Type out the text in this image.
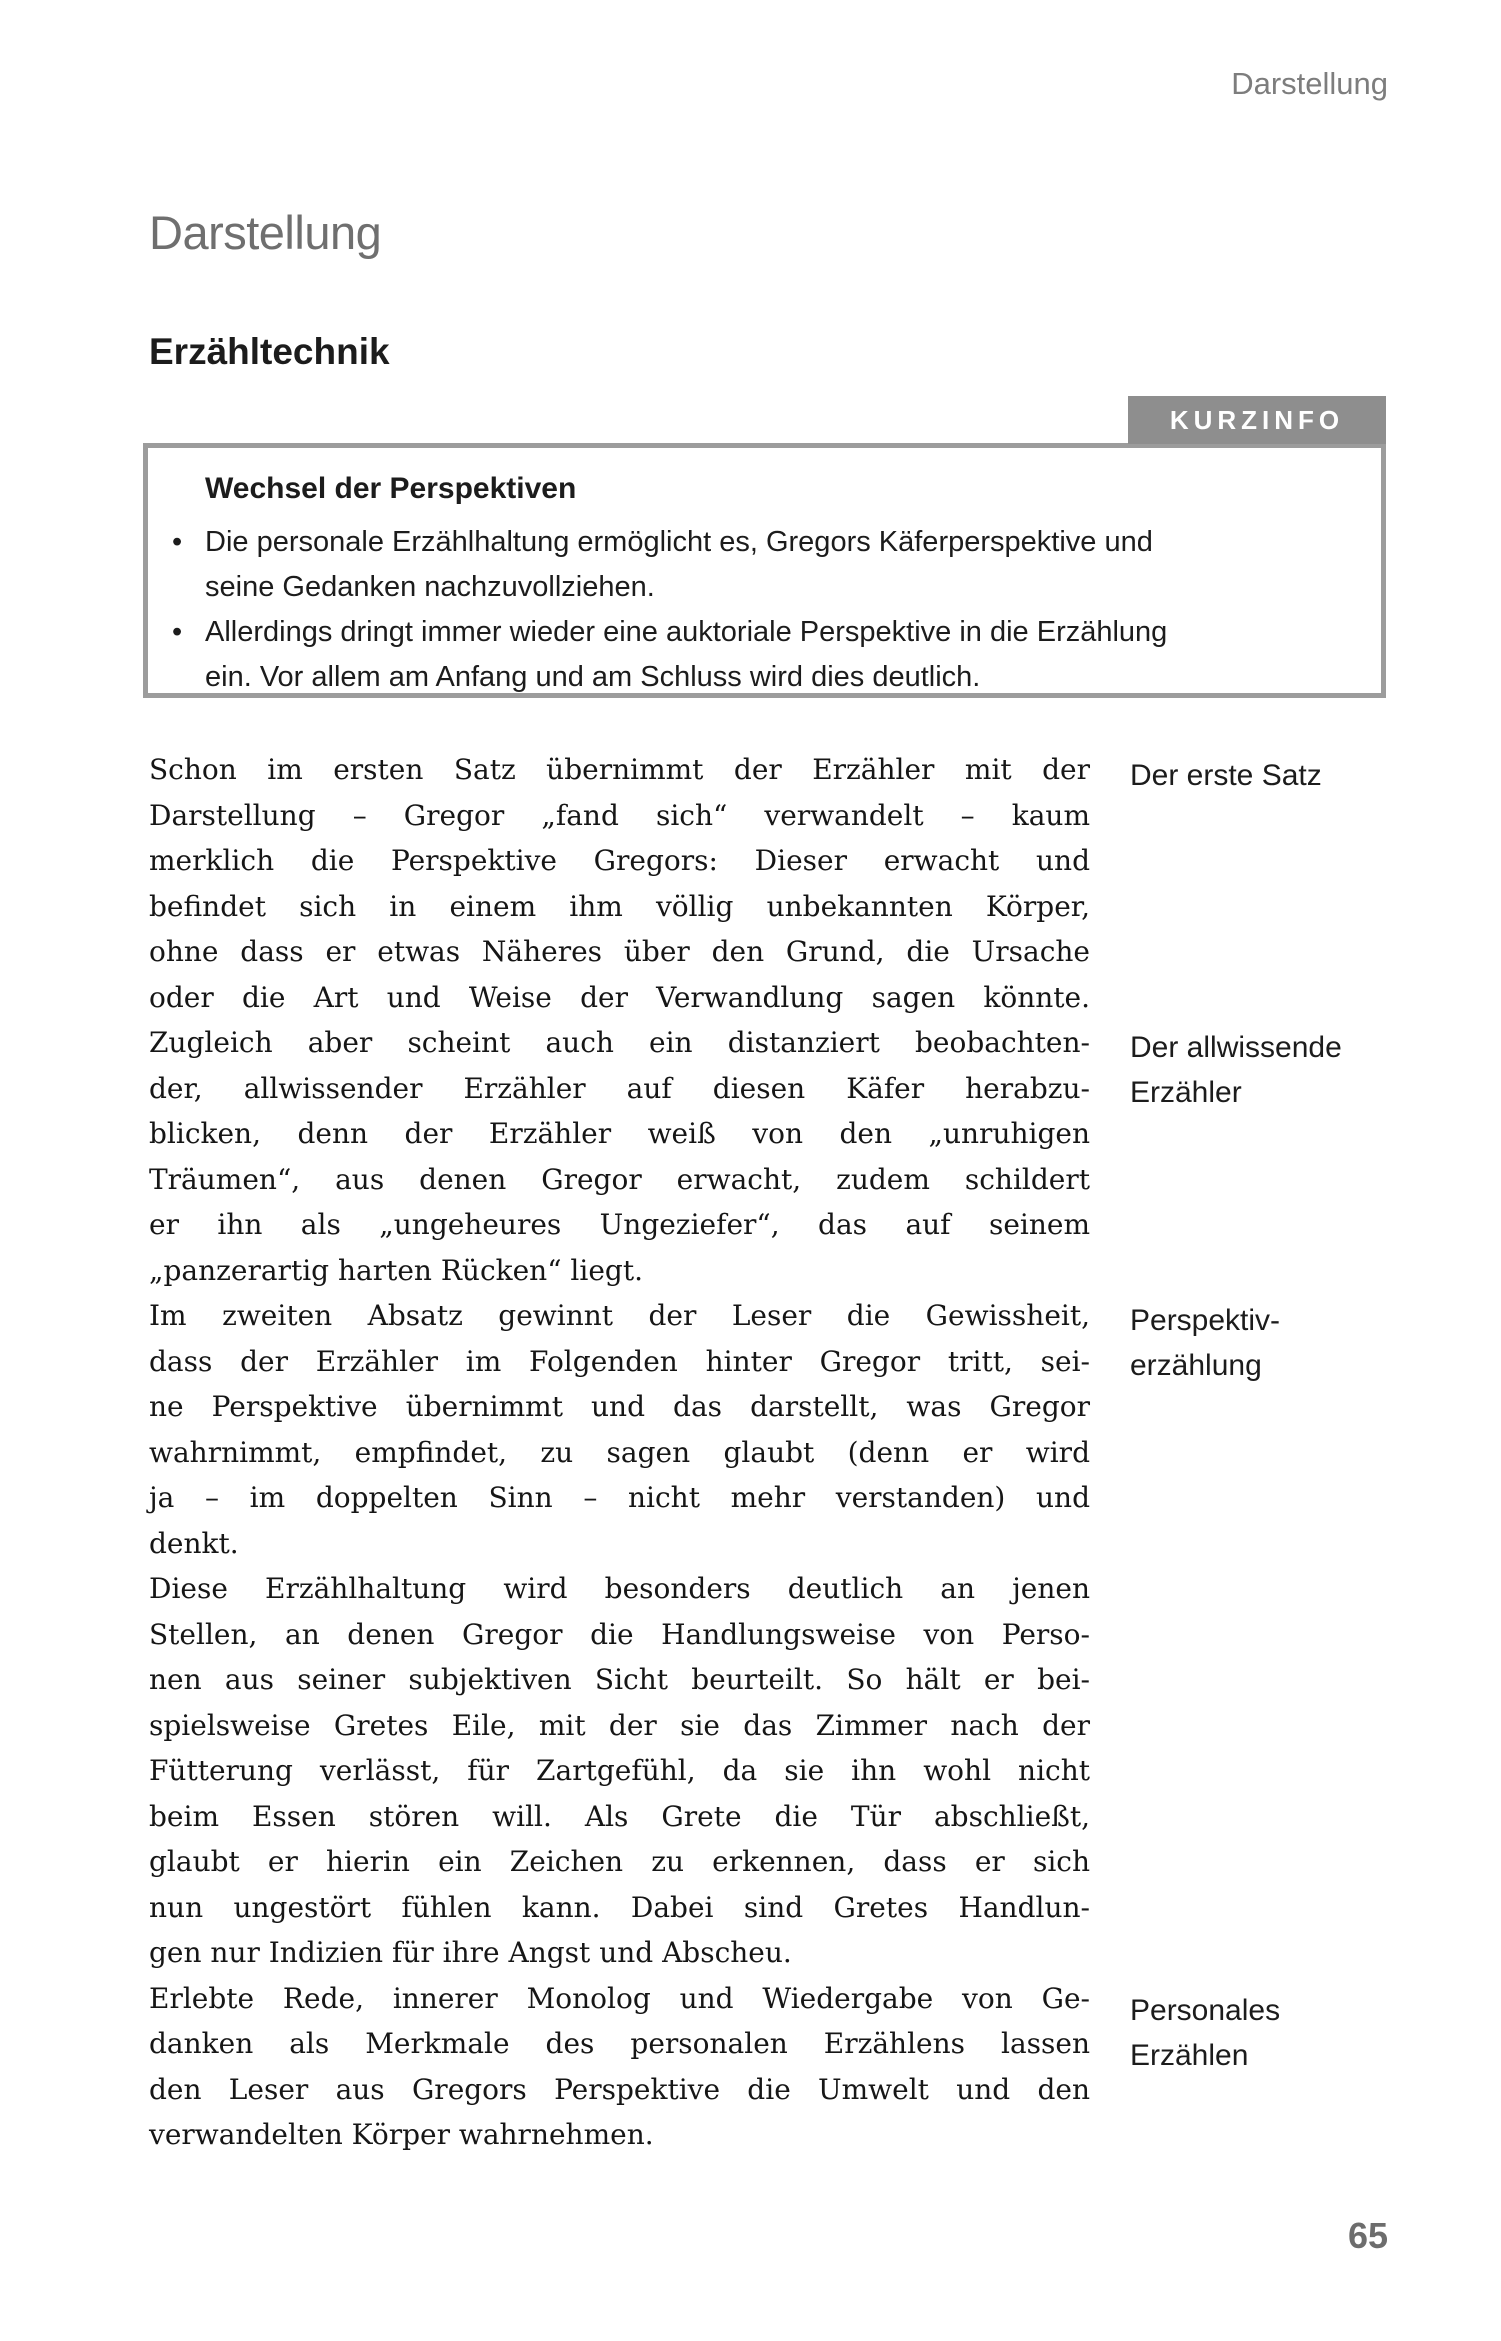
Darstellung
Darstellung
Erzähltechnik
KURZINFO
Wechsel der Perspektiven
• Die personale Erzählhaltung ermöglicht es, Gregors Käferperspektive und
seine Gedanken nachzuvollziehen.
• Allerdings dringt immer wieder eine auktoriale Perspektive in die Erzählung
ein. Vor allem am Anfang und am Schluss wird dies deutlich.

Schon im ersten Satz übernimmt der Erzähler mit der
Darstellung – Gregor „fand sich“ verwandelt – kaum
merklich die Perspektive Gregors: Dieser erwacht und
befindet sich in einem ihm völlig unbekannten Körper,
ohne dass er etwas Näheres über den Grund, die Ursache
oder die Art und Weise der Verwandlung sagen könnte.
Zugleich aber scheint auch ein distanziert beobachten-
der, allwissender Erzähler auf diesen Käfer herabzu-
blicken, denn der Erzähler weiß von den „unruhigen
Träumen“, aus denen Gregor erwacht, zudem schildert
er ihn als „ungeheures Ungeziefer“, das auf seinem
„panzerartig harten Rücken“ liegt.

Im zweiten Absatz gewinnt der Leser die Gewissheit,
dass der Erzähler im Folgenden hinter Gregor tritt, sei-
ne Perspektive übernimmt und das darstellt, was Gregor
wahrnimmt, empfindet, zu sagen glaubt (denn er wird
ja – im doppelten Sinn – nicht mehr verstanden) und
denkt.

Diese Erzählhaltung wird besonders deutlich an jenen
Stellen, an denen Gregor die Handlungsweise von Perso-
nen aus seiner subjektiven Sicht beurteilt. So hält er bei-
spielsweise Gretes Eile, mit der sie das Zimmer nach der
Fütterung verlässt, für Zartgefühl, da sie ihn wohl nicht
beim Essen stören will. Als Grete die Tür abschließt,
glaubt er hierin ein Zeichen zu erkennen, dass er sich
nun ungestört fühlen kann. Dabei sind Gretes Handlun-
gen nur Indizien für ihre Angst und Abscheu.

Erlebte Rede, innerer Monolog und Wiedergabe von Ge-
danken als Merkmale des personalen Erzählens lassen
den Leser aus Gregors Perspektive die Umwelt und den
verwandelten Körper wahrnehmen.

Der erste Satz
Der allwissende
Erzähler
Perspektiv-
erzählung
Personales
Erzählen
65
